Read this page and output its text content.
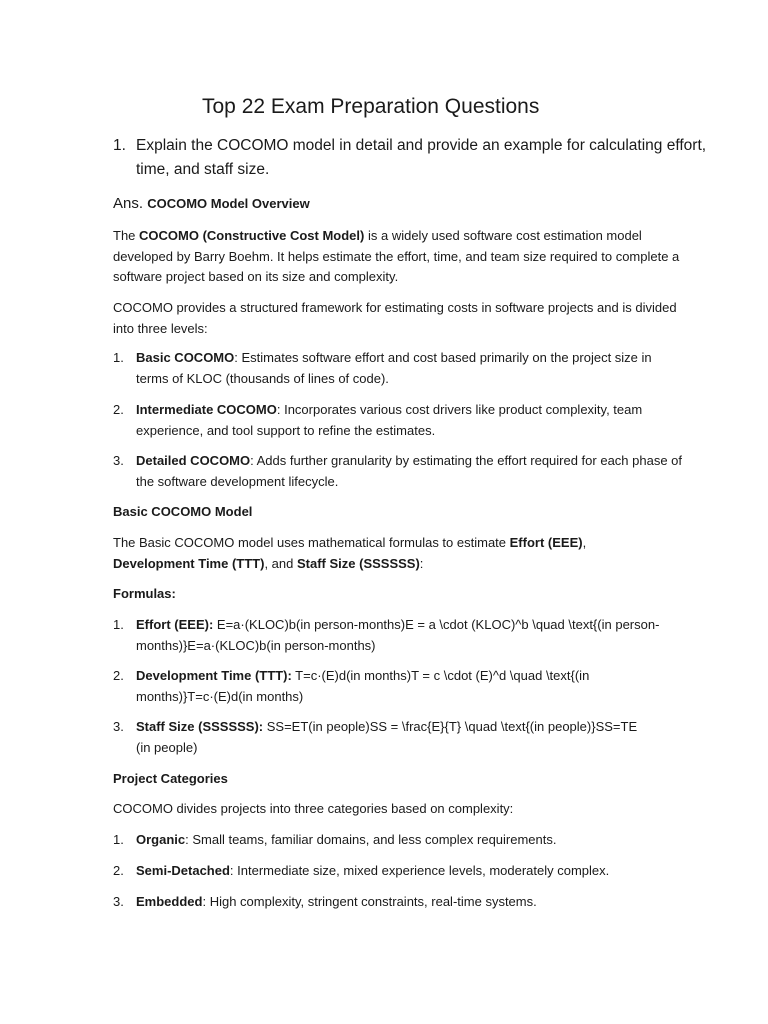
Top 22 Exam Preparation Questions
1. Explain the COCOMO model in detail and provide an example for calculating effort, time, and staff size.
Ans. COCOMO Model Overview
The COCOMO (Constructive Cost Model) is a widely used software cost estimation model developed by Barry Boehm. It helps estimate the effort, time, and team size required to complete a software project based on its size and complexity.
COCOMO provides a structured framework for estimating costs in software projects and is divided into three levels:
1. Basic COCOMO: Estimates software effort and cost based primarily on the project size in terms of KLOC (thousands of lines of code).
2. Intermediate COCOMO: Incorporates various cost drivers like product complexity, team experience, and tool support to refine the estimates.
3. Detailed COCOMO: Adds further granularity by estimating the effort required for each phase of the software development lifecycle.
Basic COCOMO Model
The Basic COCOMO model uses mathematical formulas to estimate Effort (EEE),
Development Time (TTT), and Staff Size (SSSSSS):
Formulas:
1. Effort (EEE): E=a·(KLOC)b(in person-months)E = a \cdot (KLOC)^b \quad \text{(in person-
months)}E=a·(KLOC)b(in person-months)
2. Development Time (TTT): T=c·(E)d(in months)T = c \cdot (E)^d \quad \text{(in
months)}T=c·(E)d(in months)
3. Staff Size (SSSSSS): SS=ET(in people)SS = \frac{E}{T} \quad \text{(in people)}SS=TE
(in people)
Project Categories
COCOMO divides projects into three categories based on complexity:
1. Organic: Small teams, familiar domains, and less complex requirements.
2. Semi-Detached: Intermediate size, mixed experience levels, moderately complex.
3. Embedded: High complexity, stringent constraints, real-time systems.
